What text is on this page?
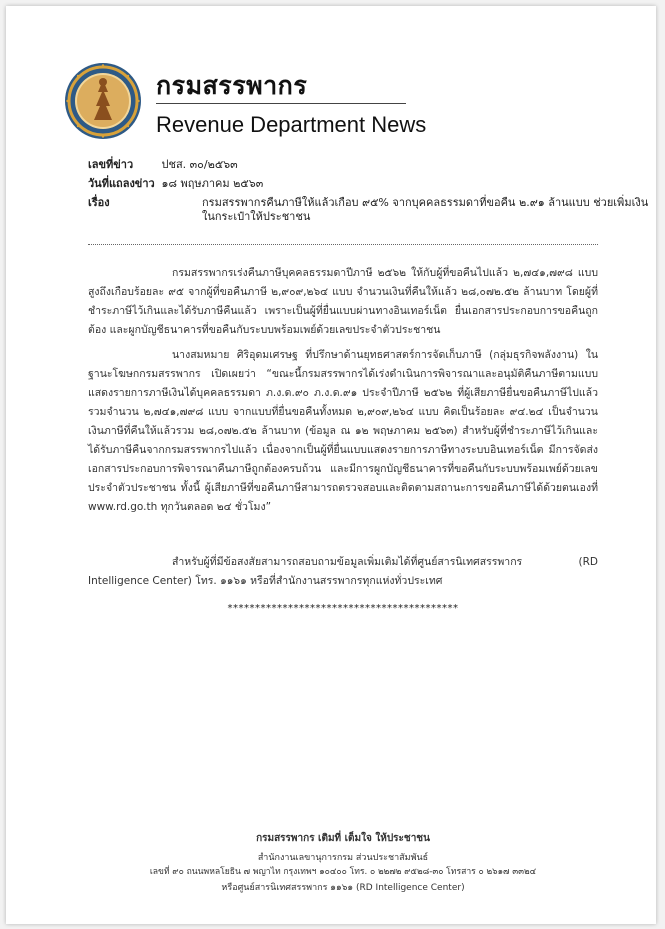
กรมสรรพากร
Revenue Department News
เลขที่ข่าว	ปชส. ๓๐/๒๕๖๓
วันที่แถลงข่าว ๑๘ พฤษภาคม ๒๕๖๓
เรื่อง	กรมสรรพากรคืนภาษีให้แล้วเกือบ ๙๕% จากบุคคลธรรมดาที่ขอคืน ๒.๙๑ ล้านแบบ ช่วยเพิ่มเงินในกระเป๋าให้ประชาชน

กรมสรรพากรเร่งคืนภาษีบุคคลธรรมดาปีภาษี ๒๕๖๒ ให้กับผู้ที่ขอคืนไปแล้ว ๒,๗๔๑,๗๙๘ แบบ สูงถึงเกือบร้อยละ ๙๕ จากผู้ที่ขอคืนภาษี ๒,๙๐๙,๒๖๔ แบบ จำนวนเงินที่คืนให้แล้ว ๒๘,๐๗๒.๕๒ ล้านบาท โดยผู้ที่ชำระภาษีไว้เกินและได้รับภาษีคืนแล้ว เพราะเป็นผู้ที่ยื่นแบบผ่านทางอินเทอร์เน็ต ยื่นเอกสารประกอบการขอคืนถูกต้อง และผูกบัญชีธนาคารที่ขอคืนกับระบบพร้อมเพย์ด้วยเลขประจำตัวประชาชน

นางสมหมาย ศิริอุดมเศรษฐ ที่ปรึกษาด้านยุทธศาสตร์การจัดเก็บภาษี (กลุ่มธุรกิจพลังงาน) ในฐานะโฆษกกรมสรรพากร เปิดเผยว่า “ขณะนี้กรมสรรพากรได้เร่งดำเนินการพิจารณาและอนุมัติคืนภาษีตามแบบแสดงรายการภาษีเงินได้บุคคลธรรมดา ภ.ง.ด.๙๐ ภ.ง.ด.๙๑ ประจำปีภาษี ๒๕๖๒ ที่ผู้เสียภาษียื่นขอคืนภาษีไปแล้วรวมจำนวน ๒,๗๔๑,๗๙๘ แบบ จากแบบที่ยื่นขอคืนทั้งหมด ๒,๙๐๙,๒๖๔ แบบ คิดเป็นร้อยละ ๙๔.๒๔ เป็นจำนวนเงินภาษีที่คืนให้แล้วรวม ๒๘,๐๗๒.๕๒ ล้านบาท (ข้อมูล ณ ๑๒ พฤษภาคม ๒๕๖๓) สำหรับผู้ที่ชำระภาษีไว้เกินและได้รับภาษีคืนจากกรมสรรพากรไปแล้ว เนื่องจากเป็นผู้ที่ยื่นแบบแสดงรายการภาษีทางระบบอินเทอร์เน็ต มีการจัดส่งเอกสารประกอบการพิจารณาคืนภาษีถูกต้องครบถ้วน และมีการผูกบัญชีธนาคารที่ขอคืนกับระบบพร้อมเพย์ด้วยเลขประจำตัวประชาชน ทั้งนี้ ผู้เสียภาษีที่ขอคืนภาษีสามารถตรวจสอบและติดตามสถานะการขอคืนภาษีได้ด้วยตนเองที่ www.rd.go.th ทุกวันตลอด ๒๔ ชั่วโมง”

สำหรับผู้ที่มีข้อสงสัยสามารถสอบถามข้อมูลเพิ่มเติมได้ที่ศูนย์สารนิเทศสรรพากร (RD Intelligence Center) โทร. ๑๑๖๑ หรือที่สำนักงานสรรพากรทุกแห่งทั่วประเทศ

******************************************
กรมสรรพากร เติมที่ เต็มใจ ให้ประชาชน
สำนักงานเลขานุการกรม ส่วนประชาสัมพันธ์
เลขที่ ๙๐ ถนนพหลโยธิน ๗ พญาไท กรุงเทพฯ ๑๐๔๐๐ โทร. ๐ ๒๒๗๒ ๙๕๒๘-๓๐ โทรสาร ๐ ๒๖๑๗ ๓๓๒๔
หรือศูนย์สารนิเทศสรรพากร ๑๑๖๑ (RD Intelligence Center)
